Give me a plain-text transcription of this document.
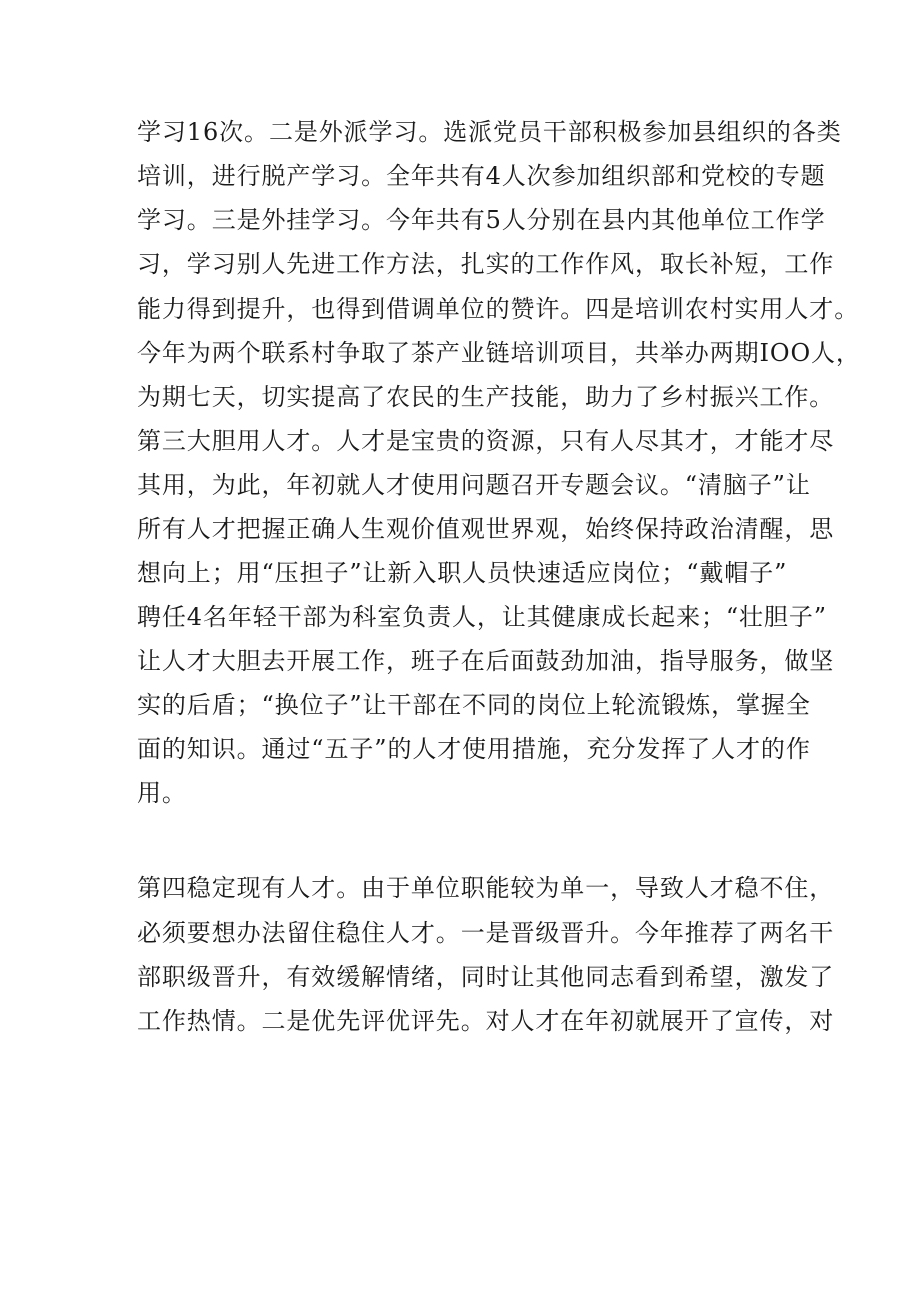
学习16次。二是外派学习。选派党员干部积极参加县组织的各类
培训，进行脱产学习。全年共有4人次参加组织部和党校的专题
学习。三是外挂学习。今年共有5人分别在县内其他单位工作学
习，学习别人先进工作方法，扎实的工作作风，取长补短，工作
能力得到提升，也得到借调单位的赞许。四是培训农村实用人才。
今年为两个联系村争取了茶产业链培训项目，共举办两期IOO人，
为期七天，切实提高了农民的生产技能，助力了乡村振兴工作。
第三大胆用人才。人才是宝贵的资源，只有人尽其才，才能才尽
其用，为此，年初就人才使用问题召开专题会议。“清脑子”让
所有人才把握正确人生观价值观世界观，始终保持政治清醒，思
想向上；用“压担子”让新入职人员快速适应岗位；“戴帽子”
聘任4名年轻干部为科室负责人，让其健康成长起来；“壮胆子”
让人才大胆去开展工作，班子在后面鼓劲加油，指导服务，做坚
实的后盾；“换位子”让干部在不同的岗位上轮流锻炼，掌握全
面的知识。通过“五子”的人才使用措施，充分发挥了人才的作
用。
第四稳定现有人才。由于单位职能较为单一，导致人才稳不住，
必须要想办法留住稳住人才。一是晋级晋升。今年推荐了两名干
部职级晋升，有效缓解情绪，同时让其他同志看到希望，激发了
工作热情。二是优先评优评先。对人才在年初就展开了宣传，对
